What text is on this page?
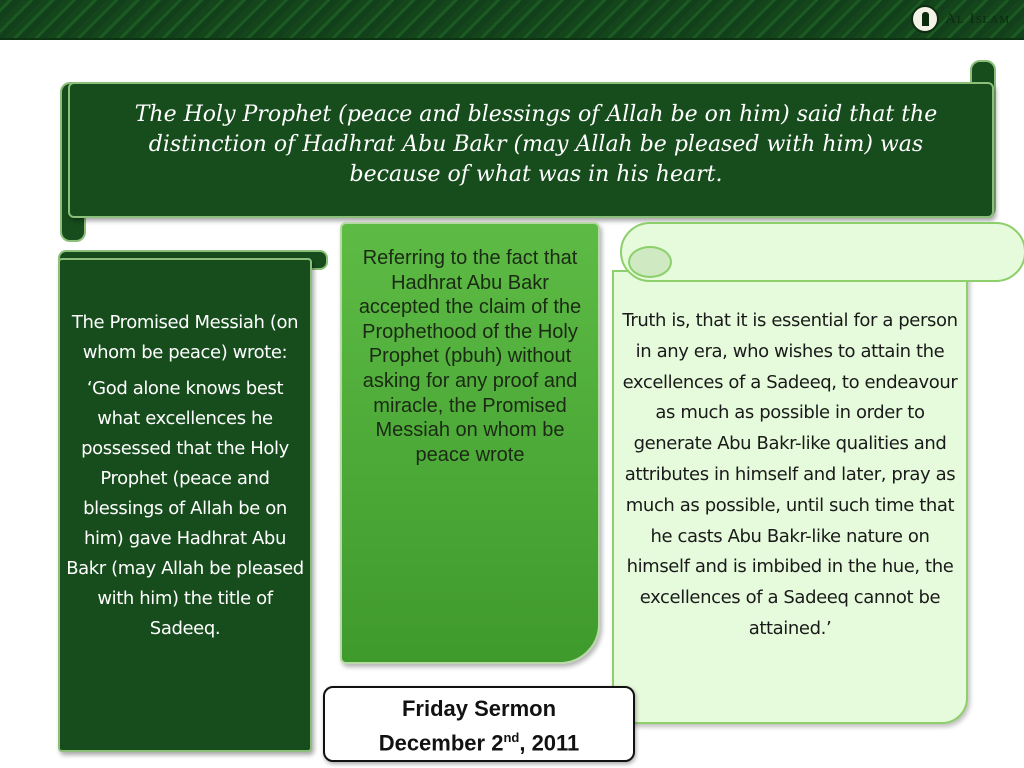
Al Islam
The Holy Prophet (peace and blessings of Allah be on him) said that the distinction of Hadhrat Abu Bakr (may Allah be pleased with him) was because of what was in his heart.

The Promised Messiah (on whom be peace) wrote:

‘God alone knows best what excellences he possessed that the Holy Prophet (peace and blessings of Allah be on him) gave Hadhrat Abu Bakr (may Allah be pleased with him) the title of Sadeeq.

Referring to the fact that Hadhrat Abu Bakr accepted the claim of the Prophethood of the Holy Prophet (pbuh) without asking for any proof and miracle, the Promised Messiah on whom be peace wrote
Truth is, that it is essential for a person in any era, who wishes to attain the excellences of a Sadeeq, to endeavour as much as possible in order to generate Abu Bakr-like qualities and attributes in himself and later, pray as much as possible, until such time that he casts Abu Bakr-like nature on himself and is imbibed in the hue, the excellences of a Sadeeq cannot be attained.’
Friday Sermon
December 2nd, 2011
